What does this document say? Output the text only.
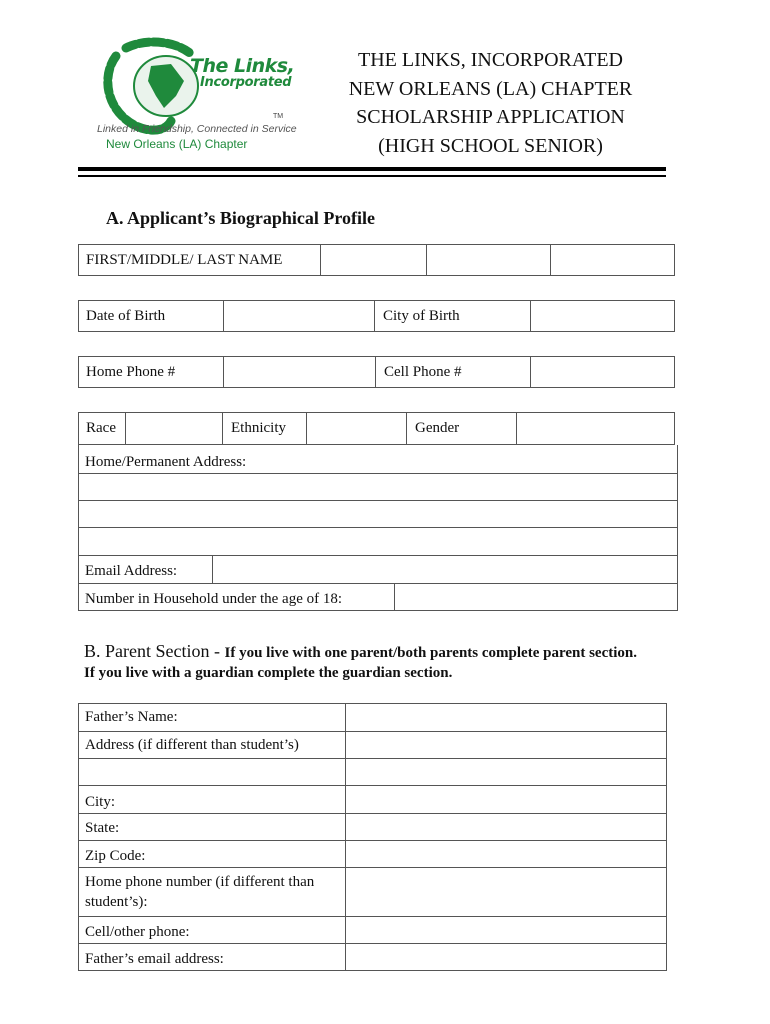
The Links,
Incorporated
TM
Linked in Friendship, Connected in Service
New Orleans (LA) Chapter
THE LINKS, INCORPORATED
NEW ORLEANS (LA) CHAPTER
SCHOLARSHIP APPLICATION
(HIGH SCHOOL SENIOR)
A. Applicant’s Biographical Profile
FIRST/MIDDLE/ LAST NAME
Date of Birth	City of Birth
Home Phone #	Cell Phone #
Race	Ethnicity	Gender
Home/Permanent Address:
Email Address:
Number in Household under the age of 18:
B. Parent Section - If you live with one parent/both parents complete parent section.
If you live with a guardian complete the guardian section.
Father’s Name:
Address (if different than student’s)
City:
State:
Zip Code:
Home phone number (if different than student’s):
Cell/other phone:
Father’s email address:
